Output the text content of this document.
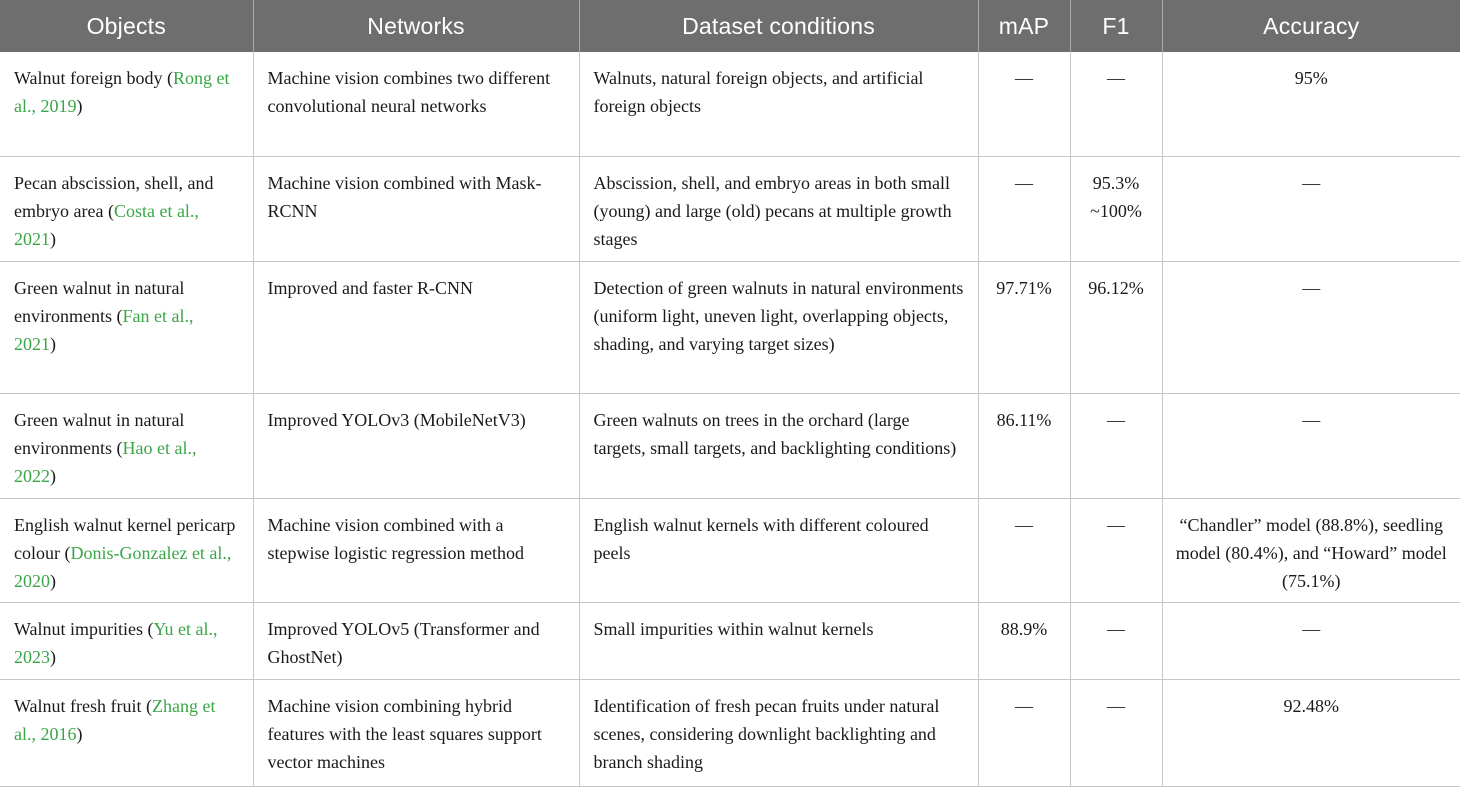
Objects	Networks	Dataset conditions	mAP	F1	Accuracy
Walnut foreign body (Rong et al., 2019)	Machine vision combines two different convolutional neural networks	Walnuts, natural foreign objects, and artificial foreign objects	—	—	95%
Pecan abscission, shell, and embryo area (Costa et al., 2021)	Machine vision combined with Mask-RCNN	Abscission, shell, and embryo areas in both small (young) and large (old) pecans at multiple growth stages	—	95.3% ~100%	—
Green walnut in natural environments (Fan et al., 2021)	Improved and faster R-CNN	Detection of green walnuts in natural environments (uniform light, uneven light, overlapping objects, shading, and varying target sizes)	97.71%	96.12%	—
Green walnut in natural environments (Hao et al., 2022)	Improved YOLOv3 (MobileNetV3)	Green walnuts on trees in the orchard (large targets, small targets, and backlighting conditions)	86.11%	—	—
English walnut kernel pericarp colour (Donis-Gonzalez et al., 2020)	Machine vision combined with a stepwise logistic regression method	English walnut kernels with different coloured peels	—	—	“Chandler” model (88.8%), seedling model (80.4%), and “Howard” model (75.1%)
Walnut impurities (Yu et al., 2023)	Improved YOLOv5 (Transformer and GhostNet)	Small impurities within walnut kernels	88.9%	—	—
Walnut fresh fruit (Zhang et al., 2016)	Machine vision combining hybrid features with the least squares support vector machines	Identification of fresh pecan fruits under natural scenes, considering downlight backlighting and branch shading	—	—	92.48%
